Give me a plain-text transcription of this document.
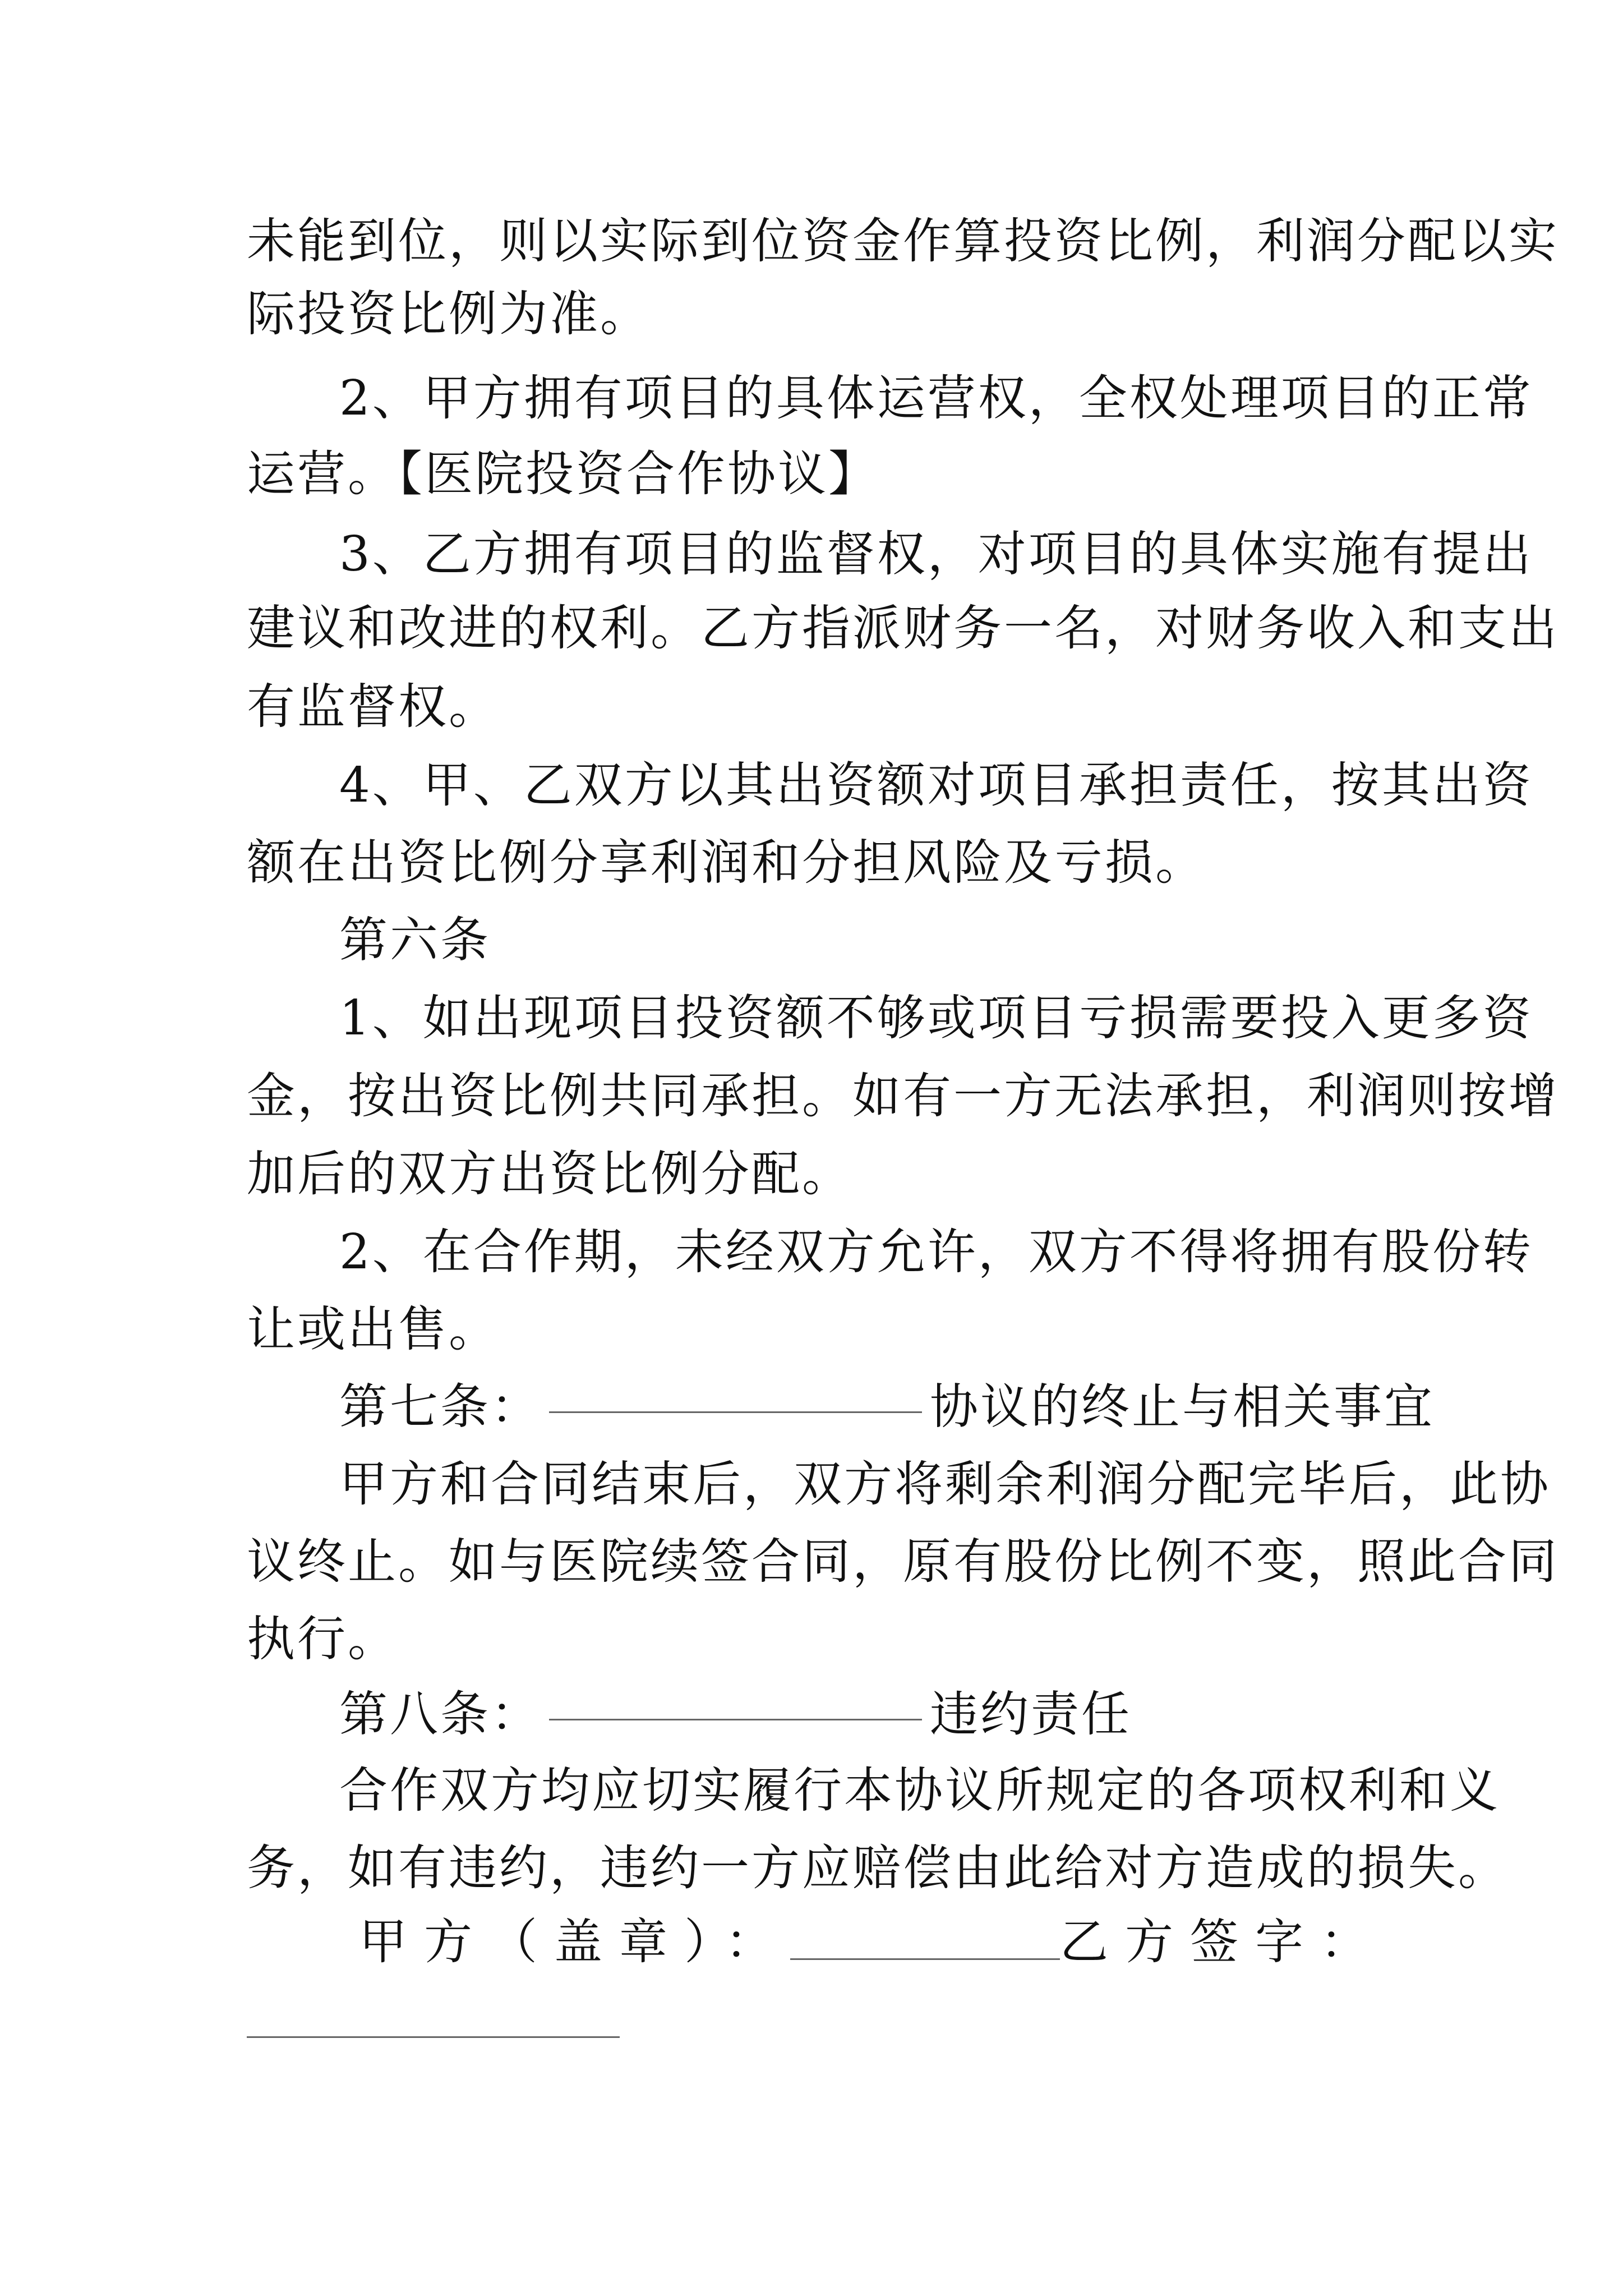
未 能 到 位 ， 则 以 实 际 到 位 资 金 作 算 投 资 比 例 ， 利 润 分 配 以 实
际投资比例为准。
2、甲方拥有项目的具体运营权，全权处理项目的正常
运营。【医院投资合作协议】
3、乙方拥有项目的监督权，对项目的具体实施有提出
建议和改进的权利。乙方指派财务一名，对财务收入和支出
有监督权。
4、甲、乙双方以其出资额对项目承担责任，按其出资
额在出资比例分享利润和分担风险及亏损。
第六条
1、如出现项目投资额不够或项目亏损需要投入更多资
金，按出资比例共同承担。如有一方无法承担，利润则按增
加后的双方出资比例分配。
2、在合作期，未经双方允许，双方不得将拥有股份转
让或出售。
第七条：	协议的终止与相关事宜
甲方和合同结束后，双方将剩余利润分配完毕后，此协
议终止。如与医院续签合同，原有股份比例不变，照此合同
执行。
第八条：	违约责任
合作双方均应切实履行本协议所规定的各项权利和义
务，如有违约，违约一方应赔偿由此给对方造成的损失。
甲方（盖章）：	乙方签字：
